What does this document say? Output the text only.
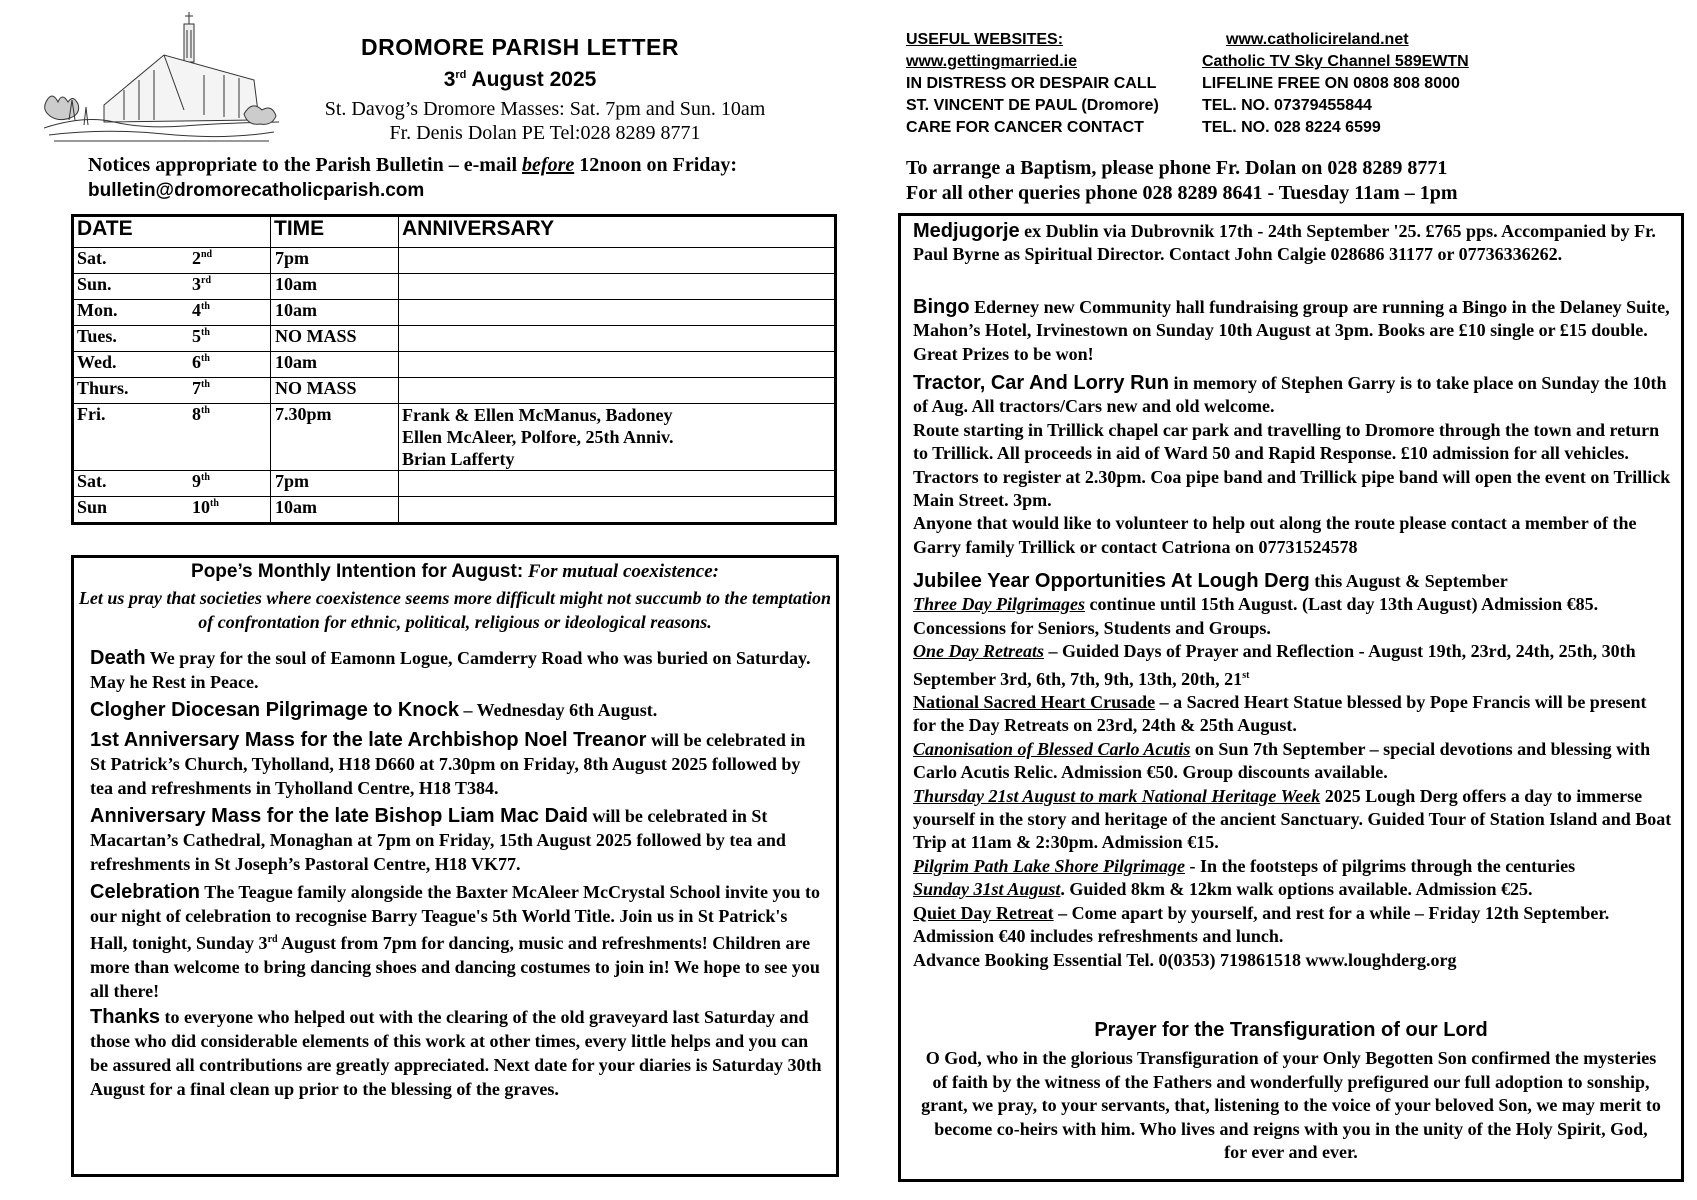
DROMORE PARISH LETTER
3rd August 2025
St. Davog’s Dromore Masses: Sat. 7pm and Sun. 10am
Fr. Denis Dolan PE Tel:028 8289 8771
Notices appropriate to the Parish Bulletin – e-mail before 12noon on Friday:
bulletin@dromorecatholicparish.com
DATE		TIME	ANNIVERSARY
Sat.	2nd	7pm	
Sun.	3rd	10am	
Mon.	4th	10am	
Tues.	5th	NO MASS	
Wed.	6th	10am	
Thurs.	7th	NO MASS	
Fri.	8th	7.30pm	Frank & Ellen McManus, Badoney
Ellen McAleer, Polfore, 25th Anniv.
Brian Lafferty

Sat.	9th	7pm	
Sun	10th	10am	
Pope’s Monthly Intention for August: For mutual coexistence:
Let us pray that societies where coexistence seems more difficult might not succumb to the temptation of confrontation for ethnic, political, religious or ideological reasons.
Death We pray for the soul of Eamonn Logue, Camderry Road who was buried on Saturday. May he Rest in Peace.
Clogher Diocesan Pilgrimage to Knock – Wednesday 6th August.
1st Anniversary Mass for the late Archbishop Noel Treanor will be celebrated in St Patrick’s Church, Tyholland, H18 D660 at 7.30pm on Friday, 8th August 2025 followed by tea and refreshments in Tyholland Centre, H18 T384.
Anniversary Mass for the late Bishop Liam Mac Daid will be celebrated in St Macartan’s Cathedral, Monaghan at 7pm on Friday, 15th August 2025 followed by tea and refreshments in St Joseph’s Pastoral Centre, H18 VK77.
Celebration The Teague family alongside the Baxter McAleer McCrystal School invite you to our night of celebration to recognise Barry Teague's 5th World Title. Join us in St Patrick's Hall, tonight, Sunday 3rd August from 7pm for dancing, music and refreshments! Children are more than welcome to bring dancing shoes and dancing costumes to join in! We hope to see you all there!
Thanks to everyone who helped out with the clearing of the old graveyard last Saturday and those who did considerable elements of this work at other times, every little helps and you can be assured all contributions are greatly appreciated. Next date for your diaries is Saturday 30th August for a final clean up prior to the blessing of the graves.
USEFUL WEBSITES:	www.catholicireland.net
www.gettingmarried.ie	Catholic TV Sky Channel 589EWTN
IN DISTRESS OR DESPAIR CALL	LIFELINE FREE ON 0808 808 8000
ST. VINCENT DE PAUL (Dromore)	TEL. NO. 07379455844
CARE FOR CANCER CONTACT	TEL. NO. 028 8224 6599
To arrange a Baptism, please phone Fr. Dolan on 028 8289 8771
For all other queries phone 028 8289 8641 - Tuesday 11am – 1pm
Medjugorje ex Dublin via Dubrovnik 17th - 24th September '25. £765 pps. Accompanied by Fr. Paul Byrne as Spiritual Director. Contact John Calgie 028686 31177 or 07736336262.
Bingo Ederney new Community hall fundraising group are running a Bingo in the Delaney Suite, Mahon’s Hotel, Irvinestown on Sunday 10th August at 3pm. Books are £10 single or £15 double. Great Prizes to be won!
Tractor, Car And Lorry Run in memory of Stephen Garry is to take place on Sunday the 10th of Aug. All tractors/Cars new and old welcome.
Route starting in Trillick chapel car park and travelling to Dromore through the town and return to Trillick. All proceeds in aid of Ward 50 and Rapid Response. £10 admission for all vehicles. Tractors to register at 2.30pm. Coa pipe band and Trillick pipe band will open the event on Trillick Main Street. 3pm.
Anyone that would like to volunteer to help out along the route please contact a member of the Garry family Trillick or contact Catriona on 07731524578
Jubilee Year Opportunities At Lough Derg this August & September
Three Day Pilgrimages continue until 15th August. (Last day 13th August) Admission €85. Concessions for Seniors, Students and Groups.
One Day Retreats – Guided Days of Prayer and Reflection - August 19th, 23rd, 24th, 25th, 30th September 3rd, 6th, 7th, 9th, 13th, 20th, 21st
National Sacred Heart Crusade – a Sacred Heart Statue blessed by Pope Francis will be present for the Day Retreats on 23rd, 24th & 25th August.
Canonisation of Blessed Carlo Acutis on Sun 7th September – special devotions and blessing with Carlo Acutis Relic. Admission €50. Group discounts available.
Thursday 21st August to mark National Heritage Week 2025 Lough Derg offers a day to immerse yourself in the story and heritage of the ancient Sanctuary. Guided Tour of Station Island and Boat Trip at 11am & 2:30pm. Admission €15.
Pilgrim Path Lake Shore Pilgrimage - In the footsteps of pilgrims through the centuries
Sunday 31st August. Guided 8km & 12km walk options available. Admission €25.
Quiet Day Retreat – Come apart by yourself, and rest for a while – Friday 12th September. Admission €40 includes refreshments and lunch.
Advance Booking Essential Tel. 0(0353) 719861518 www.loughderg.org
Prayer for the Transfiguration of our Lord
O God, who in the glorious Transfiguration of your Only Begotten Son confirmed the mysteries of faith by the witness of the Fathers and wonderfully prefigured our full adoption to sonship, grant, we pray, to your servants, that, listening to the voice of your beloved Son, we may merit to become co-heirs with him. Who lives and reigns with you in the unity of the Holy Spirit, God, for ever and ever.
